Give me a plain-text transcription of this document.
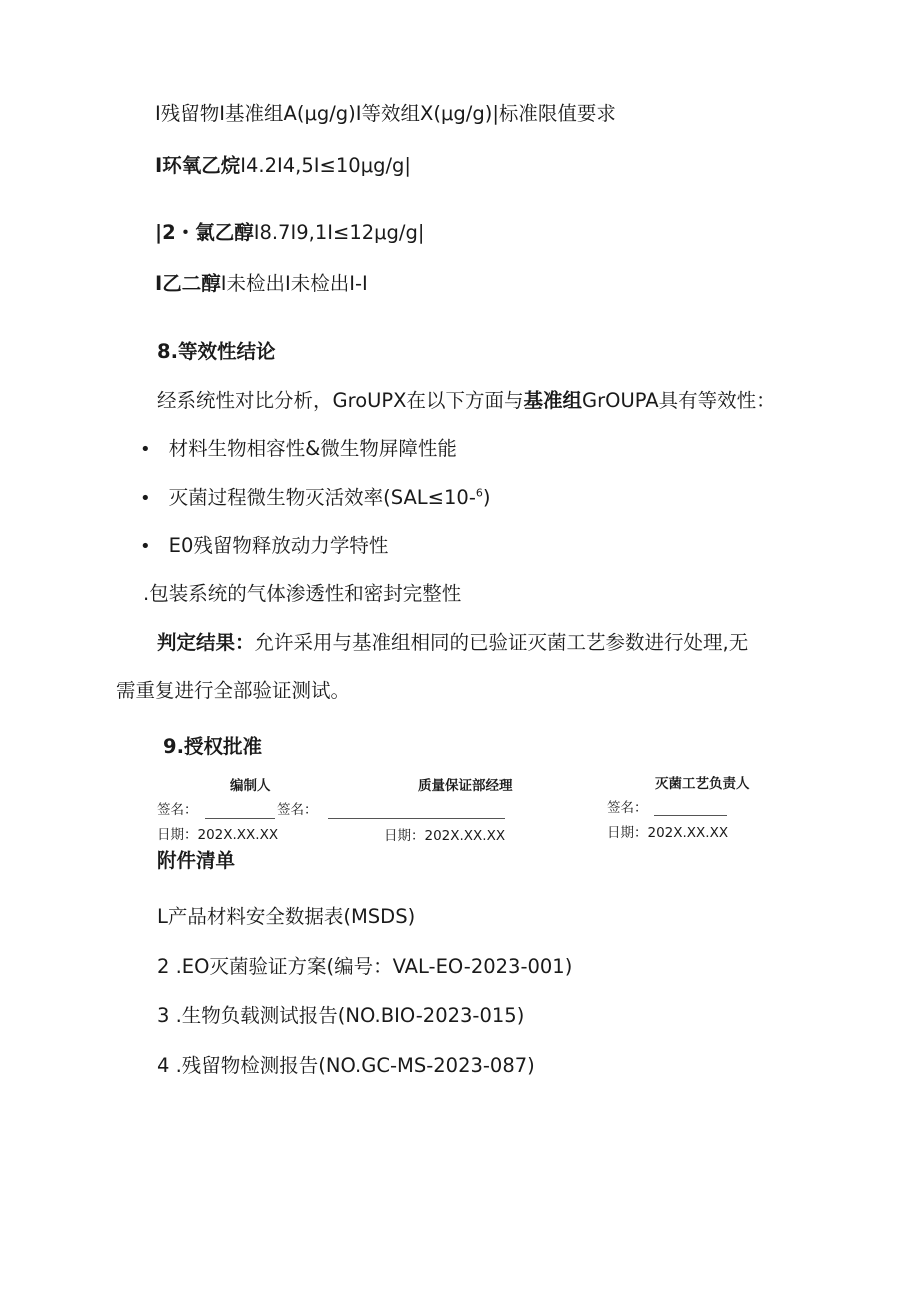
I残留物I基准组A(μg/g)I等效组X(μg/g)|标准限值要求
I环氧乙烷I4.2I4,5I≤10μg/g|
|2・氯乙醇I8.7I9,1I≤12μg/g|
I乙二醇I未检出I未检出I-I
8.等效性结论
经系统性对比分析，GroUPX在以下方面与基准组GrOUPA具有等效性：
• 材料生物相容性&微生物屏障性能
• 灭菌过程微生物灭活效率(SAL≤10-$^6$)
• E0残留物释放动力学特性
.包装系统的气体渗透性和密封完整性
判定结果：允许采用与基准组相同的已验证灭菌工艺参数进行处理,无
需重复进行全部验证测试。
9.授权批准
编制人	质量保证部经理	灭菌工艺负责人
签名：	签名：	签名：
日期：202X.XX.XX	日期：202X.XX.XX	日期：202X.XX.XX
附件清单
L产品材料安全数据表(MSDS)
2 .EO灭菌验证方案(编号：VAL-EO-2023-001)
3 .生物负载测试报告(NO.BIO-2023-015)
4 .残留物检测报告(NO.GC-MS-2023-087)
